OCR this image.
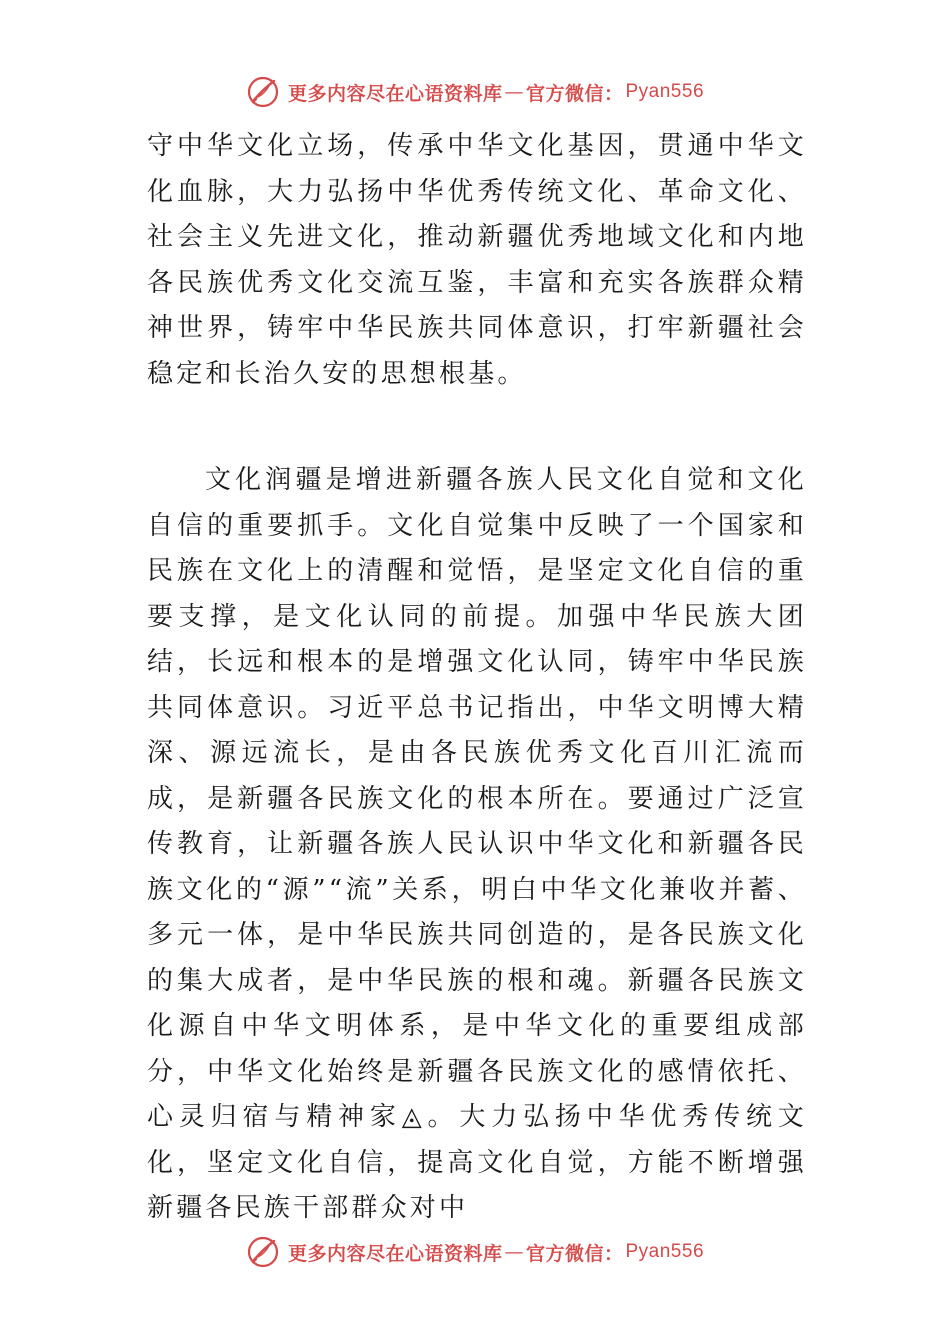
更多内容尽在心语资料库 — 官方微信： Pyan556

守中华文化立场，传承中华文化基因，贯通中华文化血脉，大力弘扬中华优秀传统文化、革命文化、社会主义先进文化，推动新疆优秀地域文化和内地各民族优秀文化交流互鉴，丰富和充实各族群众精神世界，铸牢中华民族共同体意识，打牢新疆社会稳定和长治久安的思想根基。

文化润疆是增进新疆各族人民文化自觉和文化自信的重要抓手。文化自觉集中反映了一个国家和民族在文化上的清醒和觉悟，是坚定文化自信的重要支撑，是文化认同的前提。加强中华民族大团结，长远和根本的是增强文化认同，铸牢中华民族共同体意识。习近平总书记指出，中华文明博大精深、源远流长，是由各民族优秀文化百川汇流而成，是新疆各民族文化的根本所在。要通过广泛宣传教育，让新疆各族人民认识中华文化和新疆各民族文化的“源”“流”关系，明白中华文化兼收并蓄、多元一体，是中华民族共同创造的，是各民族文化的集大成者，是中华民族的根和魂。新疆各民族文化源自中华文明体系，是中华文化的重要组成部分，中华文化始终是新疆各民族文化的感情依托、心灵归宿与精神家◬。大力弘扬中华优秀传统文化，坚定文化自信，提高文化自觉，方能不断增强新疆各民族干部群众对中

更多内容尽在心语资料库 — 官方微信： Pyan556
